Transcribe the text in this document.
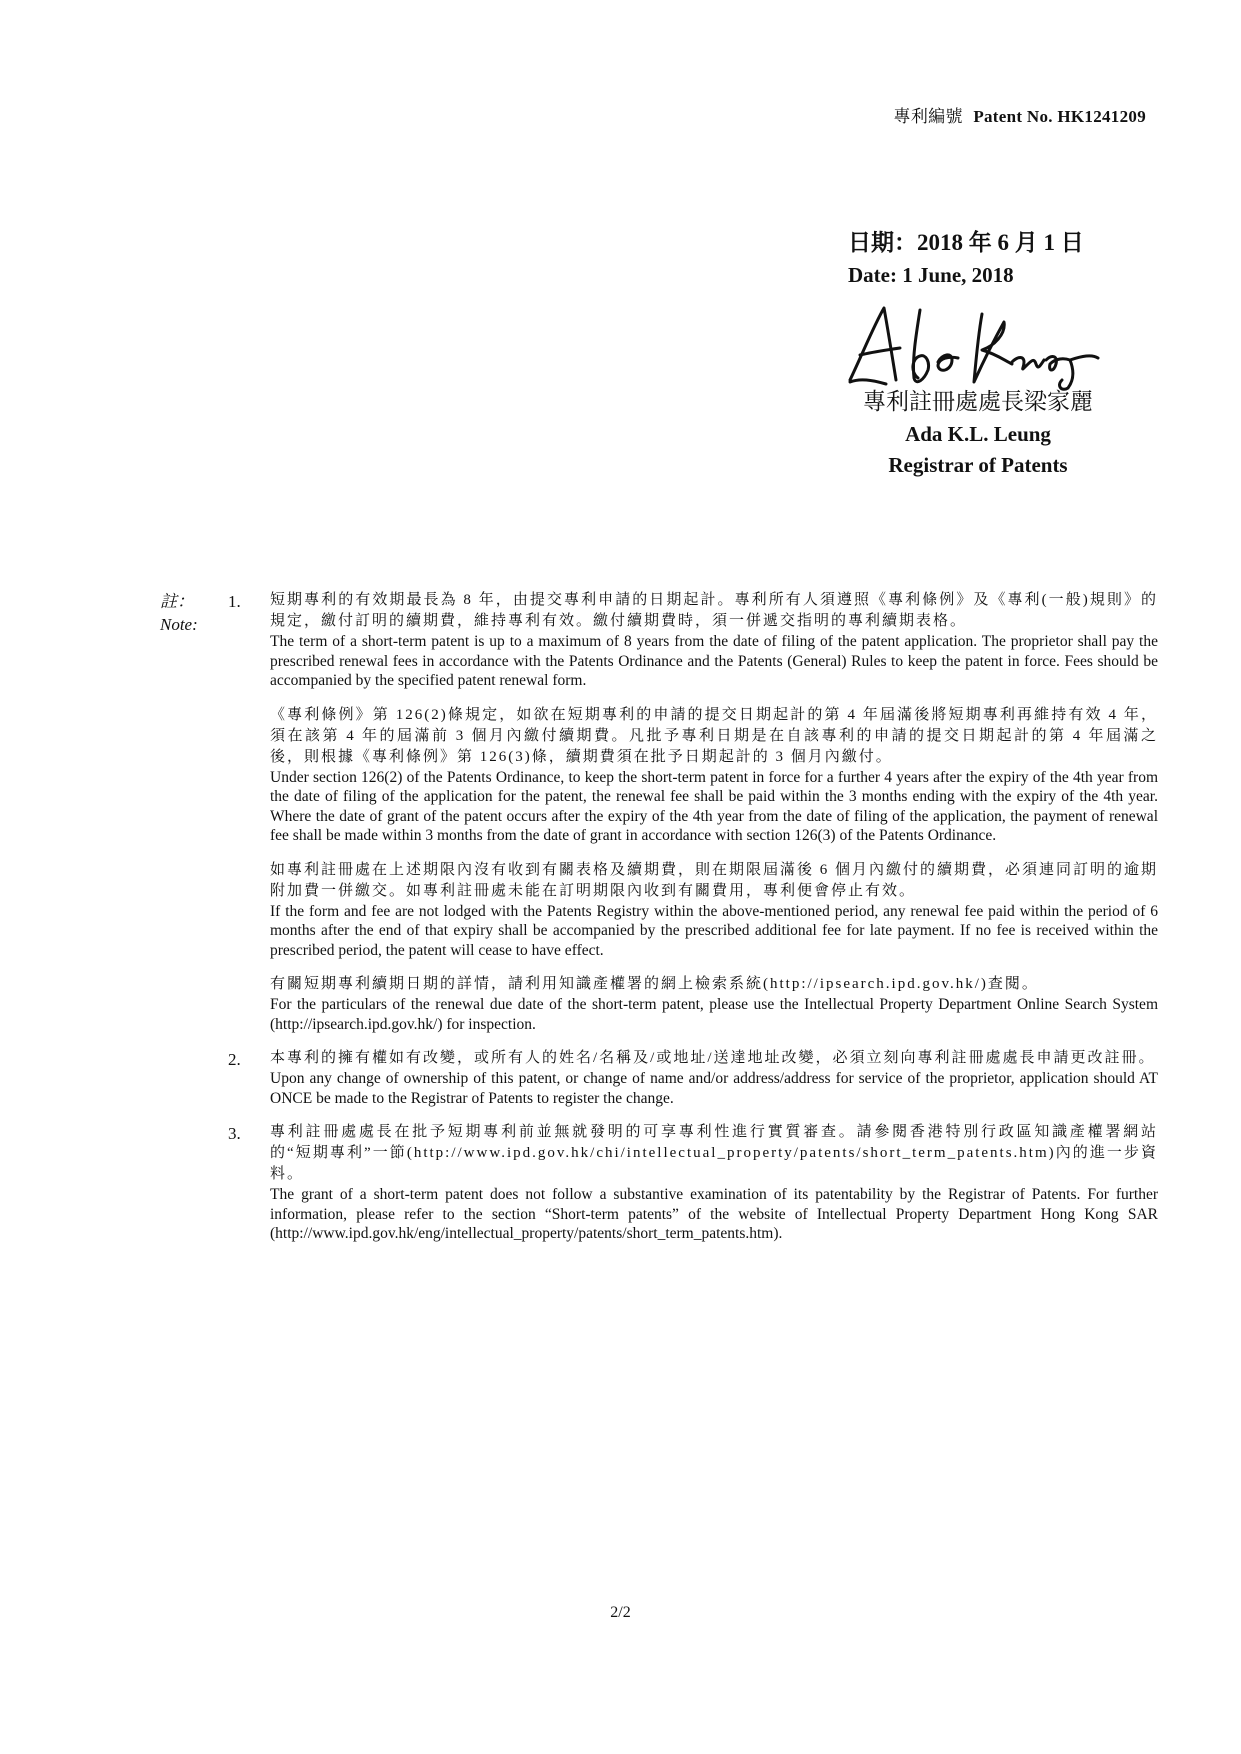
專利編號 Patent No. HK1241209
日期：2018 年 6 月 1 日
Date: 1 June, 2018
專利註冊處處長梁家麗
Ada K.L. Leung
Registrar of Patents
註：
Note:
1. 短期專利的有效期最長為 8 年，由提交專利申請的日期起計。專利所有人須遵照《專利條例》及《專利(一般)規則》的規定，繳付訂明的續期費，維持專利有效。繳付續期費時，須一併遞交指明的專利續期表格。

The term of a short-term patent is up to a maximum of 8 years from the date of filing of the patent application. The proprietor shall pay the prescribed renewal fees in accordance with the Patents Ordinance and the Patents (General) Rules to keep the patent in force. Fees should be accompanied by the specified patent renewal form.

《專利條例》第 126(2)條規定，如欲在短期專利的申請的提交日期起計的第 4 年屆滿後將短期專利再維持有效 4 年，須在該第 4 年的屆滿前 3 個月內繳付續期費。凡批予專利日期是在自該專利的申請的提交日期起計的第 4 年屆滿之後，則根據《專利條例》第 126(3)條，續期費須在批予日期起計的 3 個月內繳付。

Under section 126(2) of the Patents Ordinance, to keep the short-term patent in force for a further 4 years after the expiry of the 4th year from the date of filing of the application for the patent, the renewal fee shall be paid within the 3 months ending with the expiry of the 4th year. Where the date of grant of the patent occurs after the expiry of the 4th year from the date of filing of the application, the payment of renewal fee shall be made within 3 months from the date of grant in accordance with section 126(3) of the Patents Ordinance.

如專利註冊處在上述期限內沒有收到有關表格及續期費，則在期限屆滿後 6 個月內繳付的續期費，必須連同訂明的逾期附加費一併繳交。如專利註冊處未能在訂明期限內收到有關費用，專利便會停止有效。

If the form and fee are not lodged with the Patents Registry within the above-mentioned period, any renewal fee paid within the period of 6 months after the end of that expiry shall be accompanied by the prescribed additional fee for late payment. If no fee is received within the prescribed period, the patent will cease to have effect.

有關短期專利續期日期的詳情，請利用知識產權署的網上檢索系統(http://ipsearch.ipd.gov.hk/)查閱。

For the particulars of the renewal due date of the short-term patent, please use the Intellectual Property Department Online Search System (http://ipsearch.ipd.gov.hk/) for inspection.

2. 本專利的擁有權如有改變，或所有人的姓名/名稱及/或地址/送達地址改變，必須立刻向專利註冊處處長申請更改註冊。

Upon any change of ownership of this patent, or change of name and/or address/address for service of the proprietor, application should AT ONCE be made to the Registrar of Patents to register the change.

3. 專利註冊處處長在批予短期專利前並無就發明的可享專利性進行實質審查。請參閱香港特別行政區知識產權署網站的“短期專利”一節(http://www.ipd.gov.hk/chi/intellectual_property/patents/short_term_patents.htm)內的進一步資料。

The grant of a short-term patent does not follow a substantive examination of its patentability by the Registrar of Patents. For further information, please refer to the section “Short-term patents” of the website of Intellectual Property Department Hong Kong SAR (http://www.ipd.gov.hk/eng/intellectual_property/patents/short_term_patents.htm).

2/2
